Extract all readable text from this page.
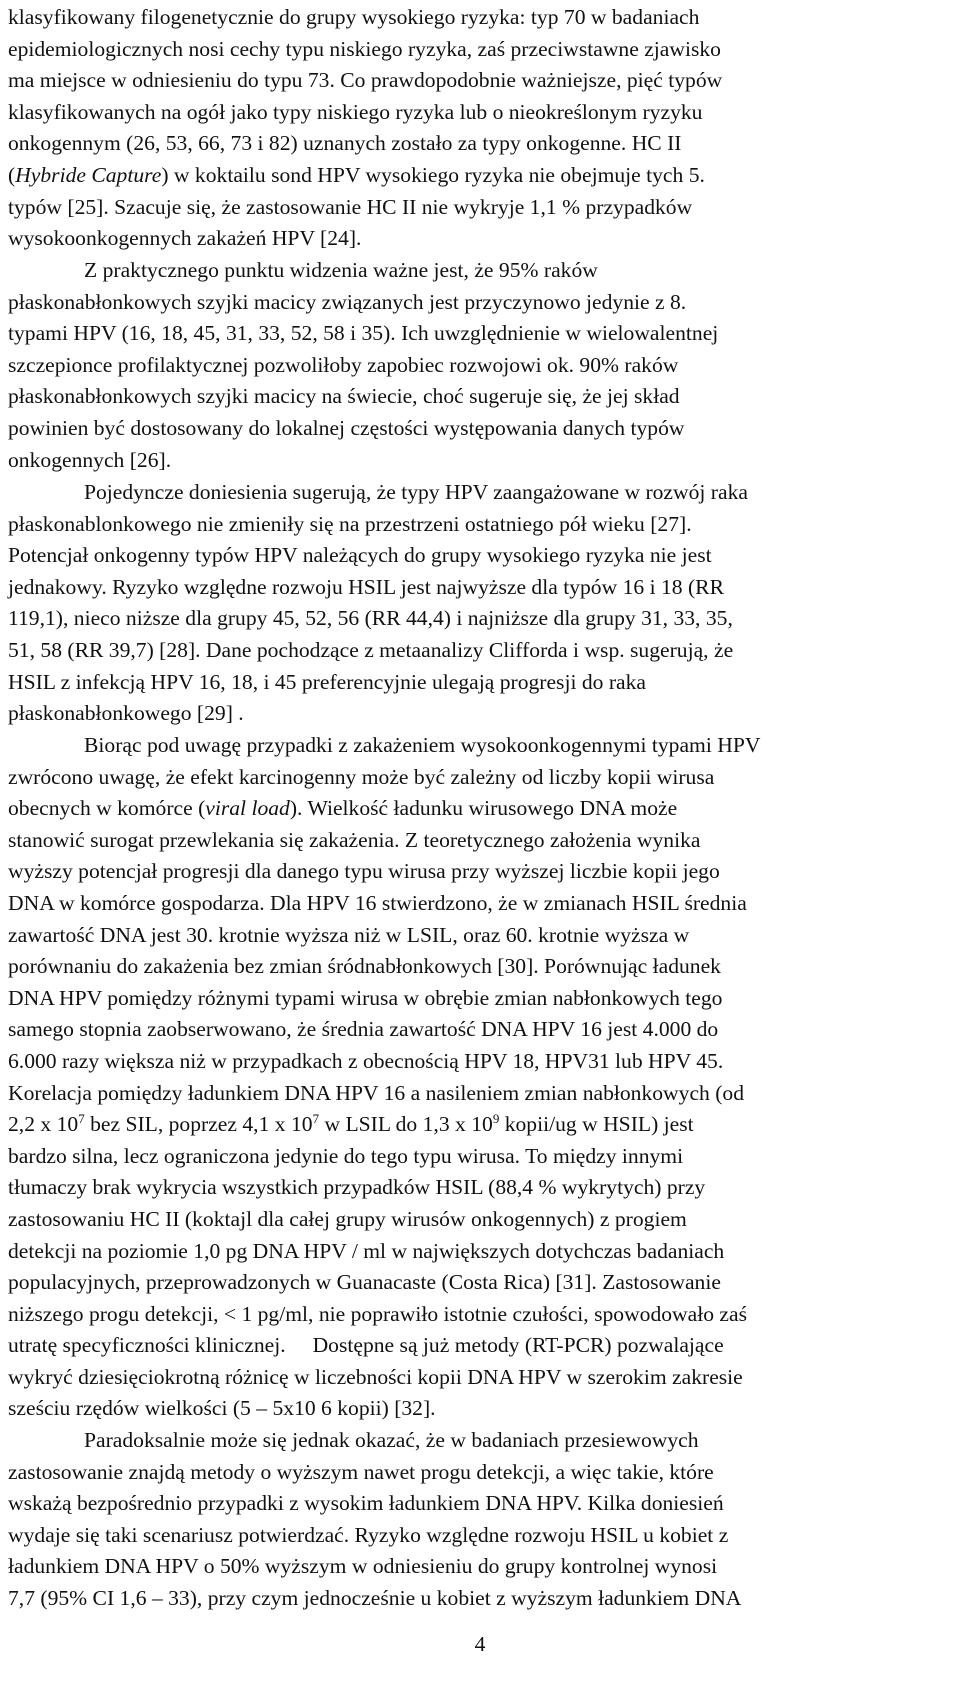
klasyfikowany filogenetycznie do grupy wysokiego ryzyka: typ 70 w badaniach
epidemiologicznych nosi cechy typu niskiego ryzyka, zaś przeciwstawne zjawisko
ma miejsce w odniesieniu do typu 73. Co prawdopodobnie ważniejsze, pięć typów
klasyfikowanych na ogół jako typy niskiego ryzyka lub o nieokreślonym ryzyku
onkogennym (26, 53, 66, 73 i 82) uznanych zostało za typy onkogenne. HC II
(Hybride Capture) w koktailu sond HPV wysokiego ryzyka nie obejmuje tych 5.
typów [25]. Szacuje się, że zastosowanie HC II nie wykryje 1,1 % przypadków
wysokoonkogennych zakażeń HPV [24].

Z praktycznego punktu widzenia ważne jest, że 95% raków
płaskonabłonkowych szyjki macicy związanych jest przyczynowo jedynie z 8.
typami HPV (16, 18, 45, 31, 33, 52, 58 i 35). Ich uwzględnienie w wielowalentnej
szczepionce profilaktycznej pozwoliłoby zapobiec rozwojowi ok. 90% raków
płaskonabłonkowych szyjki macicy na świecie, choć sugeruje się, że jej skład
powinien być dostosowany do lokalnej częstości występowania danych typów
onkogennych [26].

Pojedyncze doniesienia sugerują, że typy HPV zaangażowane w rozwój raka
płaskonablonkowego nie zmieniły się na przestrzeni ostatniego pół wieku [27].
Potencjał onkogenny typów HPV należących do grupy wysokiego ryzyka nie jest
jednakowy. Ryzyko względne rozwoju HSIL jest najwyższe dla typów 16 i 18 (RR
119,1), nieco niższe dla grupy 45, 52, 56 (RR 44,4) i najniższe dla grupy 31, 33, 35,
51, 58 (RR 39,7) [28]. Dane pochodzące z metaanalizy Clifforda i wsp. sugerują, że
HSIL z infekcją HPV 16, 18, i 45 preferencyjnie ulegają progresji do raka
płaskonabłonkowego [29] .

Biorąc pod uwagę przypadki z zakażeniem wysokoonkogennymi typami HPV
zwrócono uwagę, że efekt karcinogenny może być zależny od liczby kopii wirusa
obecnych w komórce (viral load). Wielkość ładunku wirusowego DNA może
stanowić surogat przewlekania się zakażenia. Z teoretycznego założenia wynika
wyższy potencjał progresji dla danego typu wirusa przy wyższej liczbie kopii jego
DNA w komórce gospodarza. Dla HPV 16 stwierdzono, że w zmianach HSIL średnia
zawartość DNA jest 30. krotnie wyższa niż w LSIL, oraz 60. krotnie wyższa w
porównaniu do zakażenia bez zmian śródnabłonkowych [30]. Porównując ładunek
DNA HPV pomiędzy różnymi typami wirusa w obrębie zmian nabłonkowych tego
samego stopnia zaobserwowano, że średnia zawartość DNA HPV 16 jest 4.000 do
6.000 razy większa niż w przypadkach z obecnością HPV 18, HPV31 lub HPV 45.
Korelacja pomiędzy ładunkiem DNA HPV 16 a nasileniem zmian nabłonkowych (od
2,2 x $10^7$ bez SIL, poprzez 4,1 x $10^7$ w LSIL do 1,3 x $10^9$ kopii/ug w HSIL) jest
bardzo silna, lecz ograniczona jedynie do tego typu wirusa. To między innymi
tłumaczy brak wykrycia wszystkich przypadków HSIL (88,4 % wykrytych) przy
zastosowaniu HC II (koktajl dla całej grupy wirusów onkogennych) z progiem
detekcji na poziomie 1,0 pg DNA HPV / ml w największych dotychczas badaniach
populacyjnych, przeprowadzonych w Guanacaste (Costa Rica) [31]. Zastosowanie
niższego progu detekcji, < 1 pg/ml, nie poprawiło istotnie czułości, spowodowało zaś
utratę specyficzności klinicznej.     Dostępne są już metody (RT-PCR) pozwalające
wykryć dziesięciokrotną różnicę w liczebności kopii DNA HPV w szerokim zakresie
sześciu rzędów wielkości (5 – 5x10 6 kopii) [32].

Paradoksalnie może się jednak okazać, że w badaniach przesiewowych
zastosowanie znajdą metody o wyższym nawet progu detekcji, a więc takie, które
wskażą bezpośrednio przypadki z wysokim ładunkiem DNA HPV. Kilka doniesień
wydaje się taki scenariusz potwierdzać. Ryzyko względne rozwoju HSIL u kobiet z
ładunkiem DNA HPV o 50% wyższym w odniesieniu do grupy kontrolnej wynosi
7,7 (95% CI 1,6 – 33), przy czym jednocześnie u kobiet z wyższym ładunkiem DNA

4
